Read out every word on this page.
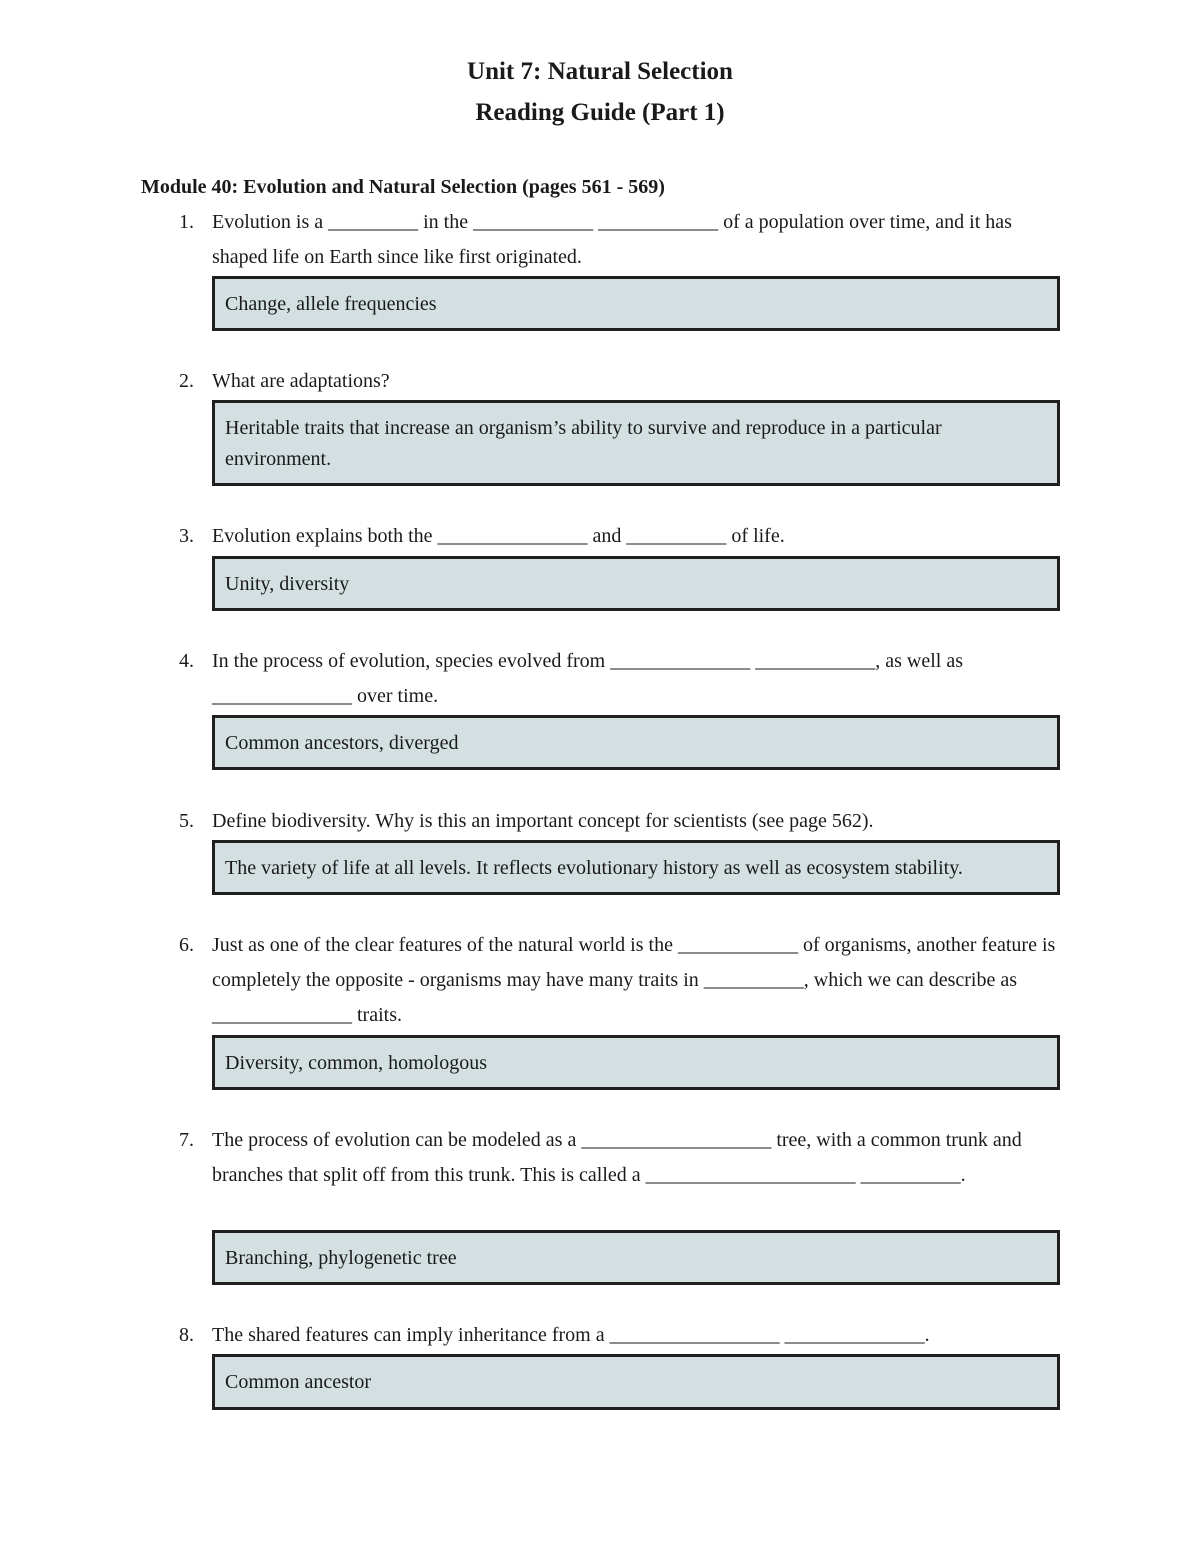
Unit 7: Natural Selection
Reading Guide (Part 1)
Module 40: Evolution and Natural Selection (pages 561 - 569)
1. Evolution is a _________ in the ____________ ____________ of a population over time, and it has shaped life on Earth since like first originated.
Change, allele frequencies
2. What are adaptations?
Heritable traits that increase an organism’s ability to survive and reproduce in a particular environment.
3. Evolution explains both the _______________ and __________ of life.
Unity, diversity
4. In the process of evolution, species evolved from ______________ ____________, as well as ______________ over time.
Common ancestors, diverged
5. Define biodiversity. Why is this an important concept for scientists (see page 562).
The variety of life at all levels. It reflects evolutionary history as well as ecosystem stability.
6. Just as one of the clear features of the natural world is the ____________ of organisms, another feature is completely the opposite - organisms may have many traits in __________, which we can describe as ______________ traits.
Diversity, common, homologous
7. The process of evolution can be modeled as a ___________________ tree, with a common trunk and branches that split off from this trunk. This is called a _____________________ __________.
Branching, phylogenetic tree
8. The shared features can imply inheritance from a _________________ ______________.
Common ancestor
